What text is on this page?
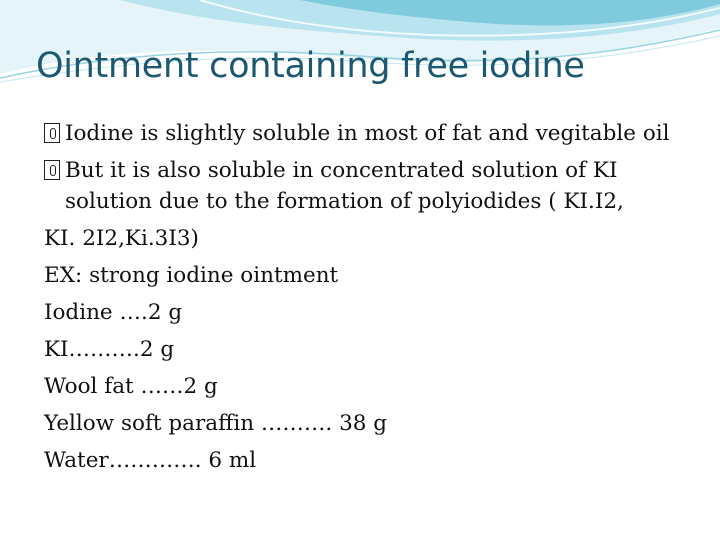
Ointment containing free iodine
Iodine is slightly soluble in most of fat and vegitable oil
But it is also soluble in concentrated solution of KI solution due to the formation of polyiodides ( KI.I2,
KI. 2I2,Ki.3I3)
EX: strong iodine ointment
Iodine ….2 g
KI……….2 g
Wool fat ……2 g
Yellow soft paraffin ………. 38 g
Water…………. 6 ml
